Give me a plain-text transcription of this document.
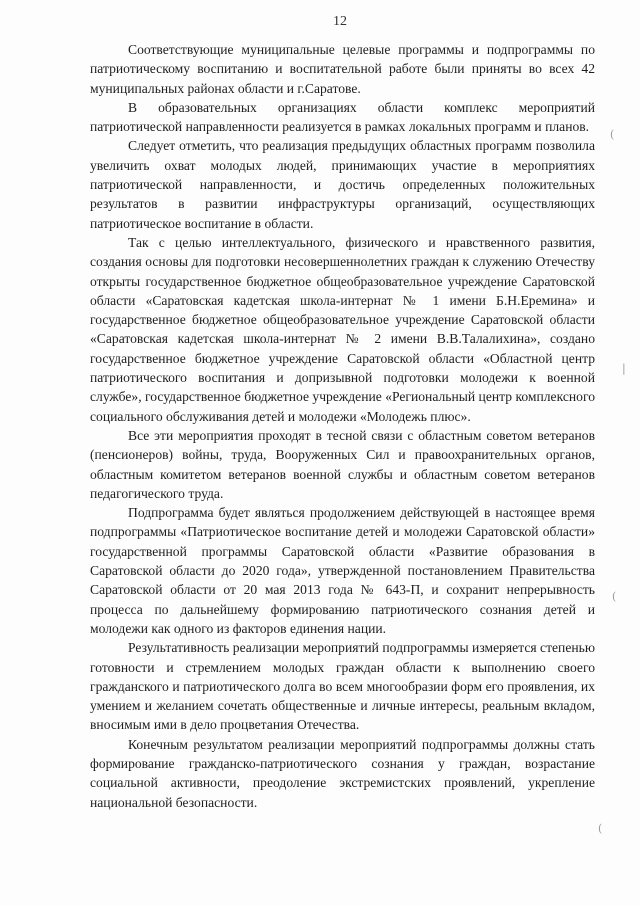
12

Соответствующие муниципальные целевые программы и подпрограммы по патриотическому воспитанию и воспитательной работе были приняты во всех 42 муниципальных районах области и г.Саратове.

В образовательных организациях области комплекс мероприятий патриотической направленности реализуется в рамках локальных программ и планов.

Следует отметить, что реализация предыдущих областных программ позволила увеличить охват молодых людей, принимающих участие в мероприятиях патриотической направленности, и достичь определенных положительных результатов в развитии инфраструктуры организаций, осуществляющих патриотическое воспитание в области.

Так с целью интеллектуального, физического и нравственного развития, создания основы для подготовки несовершеннолетних граждан к служению Отечеству открыты государственное бюджетное общеобразовательное учреждение Саратовской области «Саратовская кадетская школа-интернат № 1 имени Б.Н.Еремина» и государственное бюджетное общеобразовательное учреждение Саратовской области «Саратовская кадетская школа-интернат № 2 имени В.В.Талалихина», создано государственное бюджетное учреждение Саратовской области «Областной центр патриотического воспитания и допризывной подготовки молодежи к военной службе», государственное бюджетное учреждение «Региональный центр комплексного социального обслуживания детей и молодежи «Молодежь плюс».

Все эти мероприятия проходят в тесной связи с областным советом ветеранов (пенсионеров) войны, труда, Вооруженных Сил и правоохранительных органов, областным комитетом ветеранов военной службы и областным советом ветеранов педагогического труда.

Подпрограмма будет являться продолжением действующей в настоящее время подпрограммы «Патриотическое воспитание детей и молодежи Саратовской области» государственной программы Саратовской области «Развитие образования в Саратовской области до 2020 года», утвержденной постановлением Правительства Саратовской области от 20 мая 2013 года № 643-П, и сохранит непрерывность процесса по дальнейшему формированию патриотического сознания детей и молодежи как одного из факторов единения нации.

Результативность реализации мероприятий подпрограммы измеряется степенью готовности и стремлением молодых граждан области к выполнению своего гражданского и патриотического долга во всем многообразии форм его проявления, их умением и желанием сочетать общественные и личные интересы, реальным вкладом, вносимым ими в дело процветания Отечества.

Конечным результатом реализации мероприятий подпрограммы должны стать формирование гражданско-патриотического сознания у граждан, возрастание социальной активности, преодоление экстремистских проявлений, укрепление национальной безопасности.

(
|
(
(
